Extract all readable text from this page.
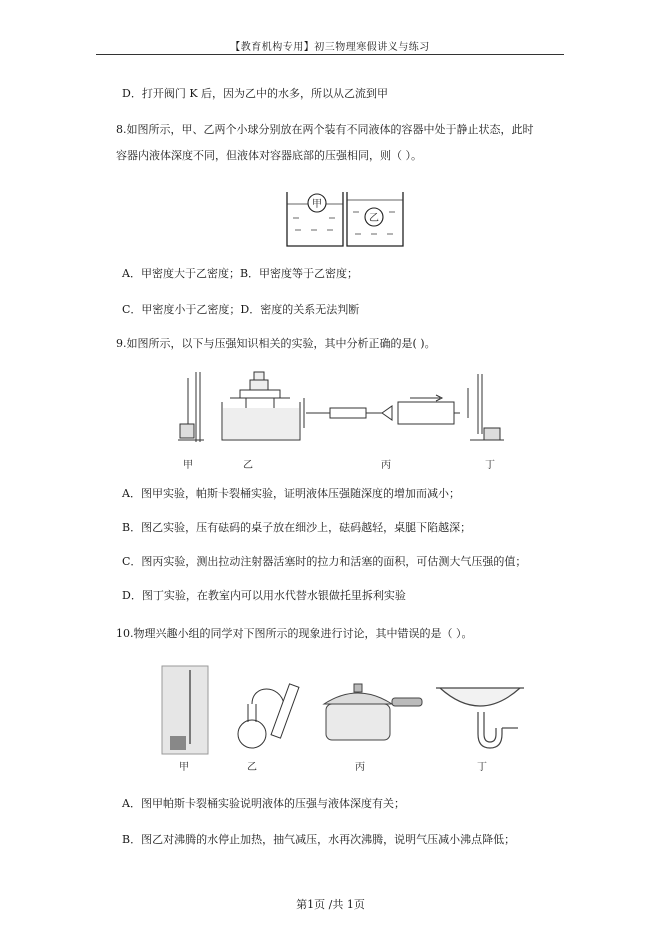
【教育机构专用】初三物理寒假讲义与练习
D．打开阀门 K 后，因为乙中的水多，所以从乙流到甲
8.如图所示，甲、乙两个小球分别放在两个装有不同液体的容器中处于静止状态，此时
容器内液体深度不同，但液体对容器底部的压强相同，则（ ）。
甲
乙
A．甲密度大于乙密度；B．甲密度等于乙密度；
C．甲密度小于乙密度；D．密度的关系无法判断
9.如图所示，以下与压强知识相关的实验，其中分析正确的是( )。
甲	乙	丙	丁
A．图甲实验，帕斯卡裂桶实验，证明液体压强随深度的增加而减小；
B．图乙实验，压有砝码的桌子放在细沙上，砝码越轻，桌腿下陷越深；
C．图丙实验，测出拉动注射器活塞时的拉力和活塞的面积，可估测大气压强的值；
D．图丁实验，在教室内可以用水代替水银做托里拆利实验
10.物理兴趣小组的同学对下图所示的现象进行讨论，其中错误的是（ ）。
甲	乙	丙	丁
A．图甲帕斯卡裂桶实验说明液体的压强与液体深度有关；
B．图乙对沸腾的水停止加热，抽气减压，水再次沸腾，说明气压减小沸点降低；
第1页 /共 1页
